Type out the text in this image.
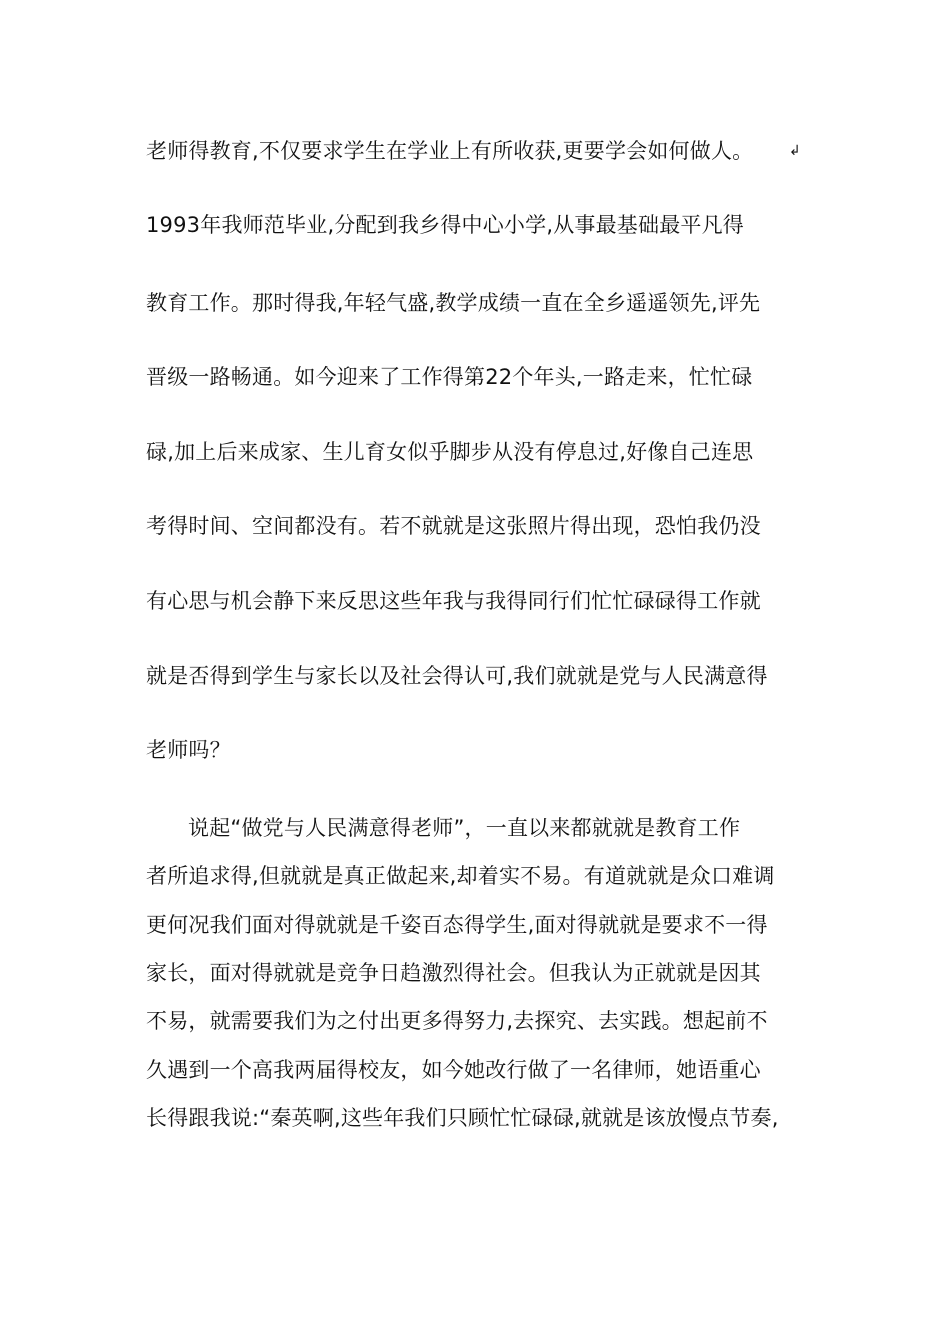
老师得教育,不仅要求学生在学业上有所收获,更要学会如何做人。	↲
1993年我师范毕业,分配到我乡得中心小学,从事最基础最平凡得
教育工作。那时得我,年轻气盛,教学成绩一直在全乡遥遥领先,评先
晋级一路畅通。如今迎来了工作得第22个年头,一路走来，忙忙碌
碌,加上后来成家、生儿育女似乎脚步从没有停息过,好像自己连思
考得时间、空间都没有。若不就就是这张照片得出现，恐怕我仍没
有心思与机会静下来反思这些年我与我得同行们忙忙碌碌得工作就
就是否得到学生与家长以及社会得认可,我们就就是党与人民满意得
老师吗？
说起“做党与人民满意得老师”，一直以来都就就是教育工作
者所追求得,但就就是真正做起来,却着实不易。有道就就是众口难调
更何况我们面对得就就是千姿百态得学生,面对得就就是要求不一得
家长，面对得就就是竞争日趋激烈得社会。但我认为正就就是因其
不易，就需要我们为之付出更多得努力,去探究、去实践。想起前不
久遇到一个高我两届得校友，如今她改行做了一名律师，她语重心
长得跟我说:“秦英啊,这些年我们只顾忙忙碌碌,就就是该放慢点节奏,
